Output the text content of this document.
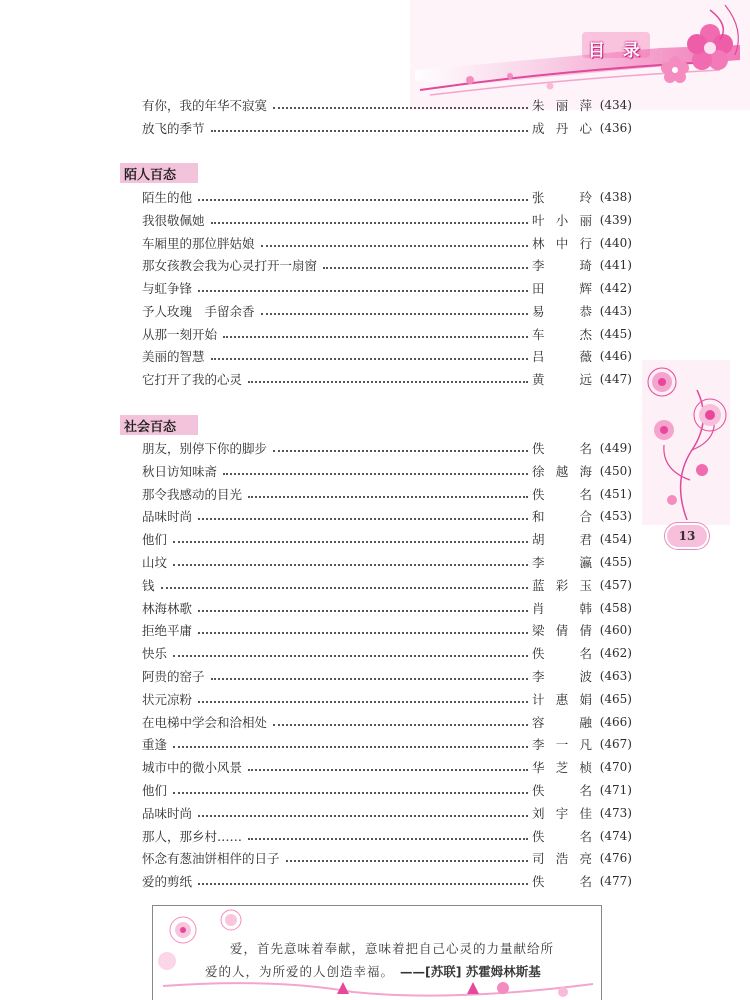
目 录
有你，我的年华不寂寞	朱丽萍 (434)
放飞的季节	成丹心 (436)
陌人百态
陌生的他	张　玲 (438)
我很敬佩她	叶小丽 (439)
车厢里的那位胖姑娘	林中行 (440)
那女孩教会我为心灵打开一扇窗	李　琦 (441)
与虹争锋	田　辉 (442)
予人玫瑰　手留余香	易　恭 (443)
从那一刻开始	车　杰 (445)
美丽的智慧	吕　薇 (446)
它打开了我的心灵	黄　远 (447)
社会百态
朋友，别停下你的脚步	佚　名 (449)
秋日访知味斋	徐越海 (450)
那令我感动的目光	佚　名 (451)
品味时尚	和　合 (453)
他们	胡　君 (454)
山坟	李　瀛 (455)
钱	蓝彩玉 (457)
林海林歌	肖　韩 (458)
拒绝平庸	梁倩倩 (460)
快乐	佚　名 (462)
阿贵的窑子	李　波 (463)
状元凉粉	计惠娟 (465)
在电梯中学会和洽相处	容　融 (466)
重逢	李一凡 (467)
城市中的微小风景	华芝桢 (470)
他们	佚　名 (471)
品味时尚	刘宇佳 (473)
那人，那乡村……	佚　名 (474)
怀念有葱油饼相伴的日子	司浩亮 (476)
爱的剪纸	佚　名 (477)
13
爱，首先意味着奉献，意味着把自己心灵的力量献给所
爱的人，为所爱的人创造幸福。 ——[苏联] 苏霍姆林斯基
